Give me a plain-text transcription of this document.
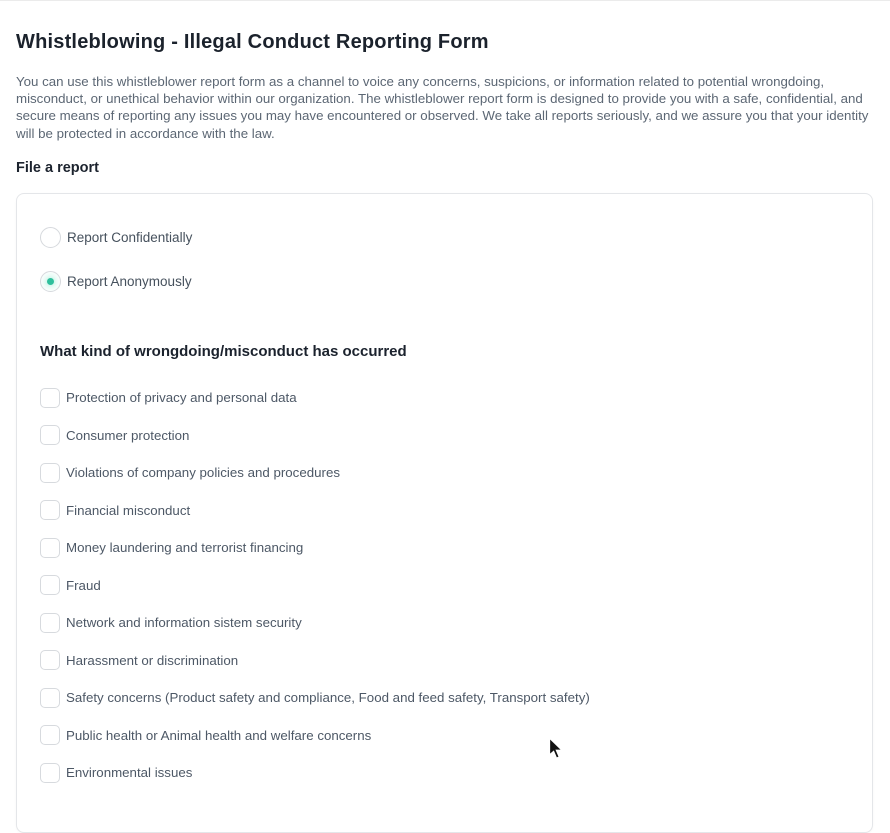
Whistleblowing - Illegal Conduct Reporting Form

You can use this whistleblower report form as a channel to voice any concerns, suspicions, or information related to potential wrongdoing, misconduct, or unethical behavior within our organization. The whistleblower report form is designed to provide you with a safe, confidential, and secure means of reporting any issues you may have encountered or observed. We take all reports seriously, and we assure you that your identity will be protected in accordance with the law.

File a report
Report Confidentially
Report Anonymously
What kind of wrongdoing/misconduct has occurred
Protection of privacy and personal data
Consumer protection
Violations of company policies and procedures
Financial misconduct
Money laundering and terrorist financing
Fraud
Network and information sistem security
Harassment or discrimination
Safety concerns (Product safety and compliance, Food and feed safety, Transport safety)
Public health or Animal health and welfare concerns
Environmental issues
